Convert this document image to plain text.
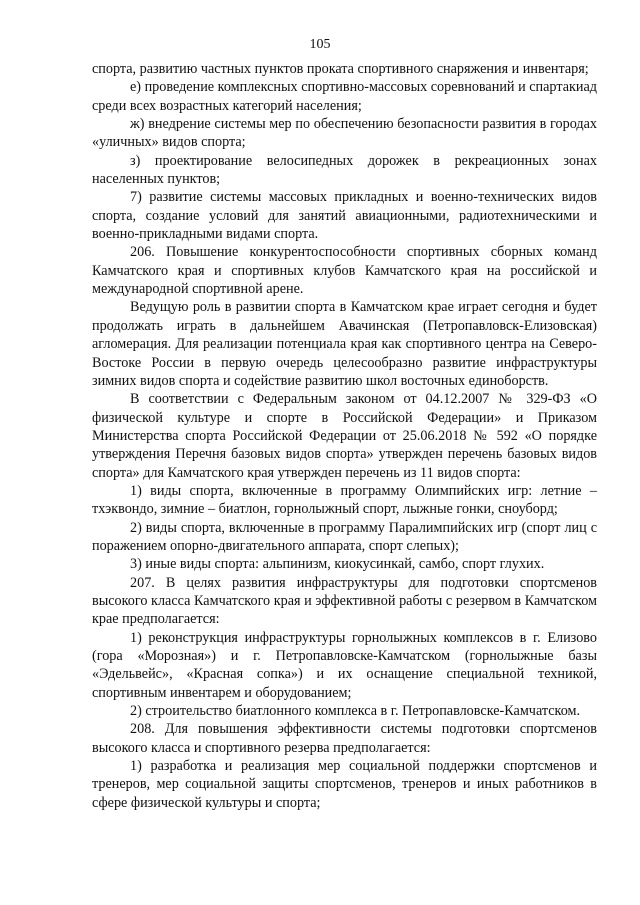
105

спорта, развитию частных пунктов проката спортивного снаряжения и инвентаря;

е) проведение комплексных спортивно-массовых соревнований и спартакиад среди всех возрастных категорий населения;

ж) внедрение системы мер по обеспечению безопасности развития в городах «уличных» видов спорта;

з) проектирование велосипедных дорожек в рекреационных зонах населенных пунктов;

7) развитие системы массовых прикладных и военно-технических видов спорта, создание условий для занятий авиационными, радиотехническими и военно-прикладными видами спорта.

206. Повышение конкурентоспособности спортивных сборных команд Камчатского края и спортивных клубов Камчатского края на российской и международной спортивной арене.

Ведущую роль в развитии спорта в Камчатском крае играет сегодня и будет продолжать играть в дальнейшем Авачинская (Петропавловск-Елизовская) агломерация. Для реализации потенциала края как спортивного центра на Северо-Востоке России в первую очередь целесообразно развитие инфраструктуры зимних видов спорта и содействие развитию школ восточных единоборств.

В соответствии с Федеральным законом от 04.12.2007 № 329-ФЗ «О физической культуре и спорте в Российской Федерации» и Приказом Министерства спорта Российской Федерации от 25.06.2018 № 592 «О порядке утверждения Перечня базовых видов спорта» утвержден перечень базовых видов спорта» для Камчатского края утвержден перечень из 11 видов спорта:

1) виды спорта, включенные в программу Олимпийских игр: летние – тхэквондо, зимние – биатлон, горнолыжный спорт, лыжные гонки, сноуборд;

2) виды спорта, включенные в программу Паралимпийских игр (спорт лиц с поражением опорно-двигательного аппарата, спорт слепых);

3) иные виды спорта: альпинизм, киокусинкай, самбо, спорт глухих.

207. В целях развития инфраструктуры для подготовки спортсменов высокого класса Камчатского края и эффективной работы с резервом в Камчатском крае предполагается:

1) реконструкция инфраструктуры горнолыжных комплексов в г. Елизово (гора «Морозная») и г. Петропавловске-Камчатском (горнолыжные базы «Эдельвейс», «Красная сопка») и их оснащение специальной техникой, спортивным инвентарем и оборудованием;

2) строительство биатлонного комплекса в г. Петропавловске-Камчатском.

208. Для повышения эффективности системы подготовки спортсменов высокого класса и спортивного резерва предполагается:

1) разработка и реализация мер социальной поддержки спортсменов и тренеров, мер социальной защиты спортсменов, тренеров и иных работников в сфере физической культуры и спорта;
